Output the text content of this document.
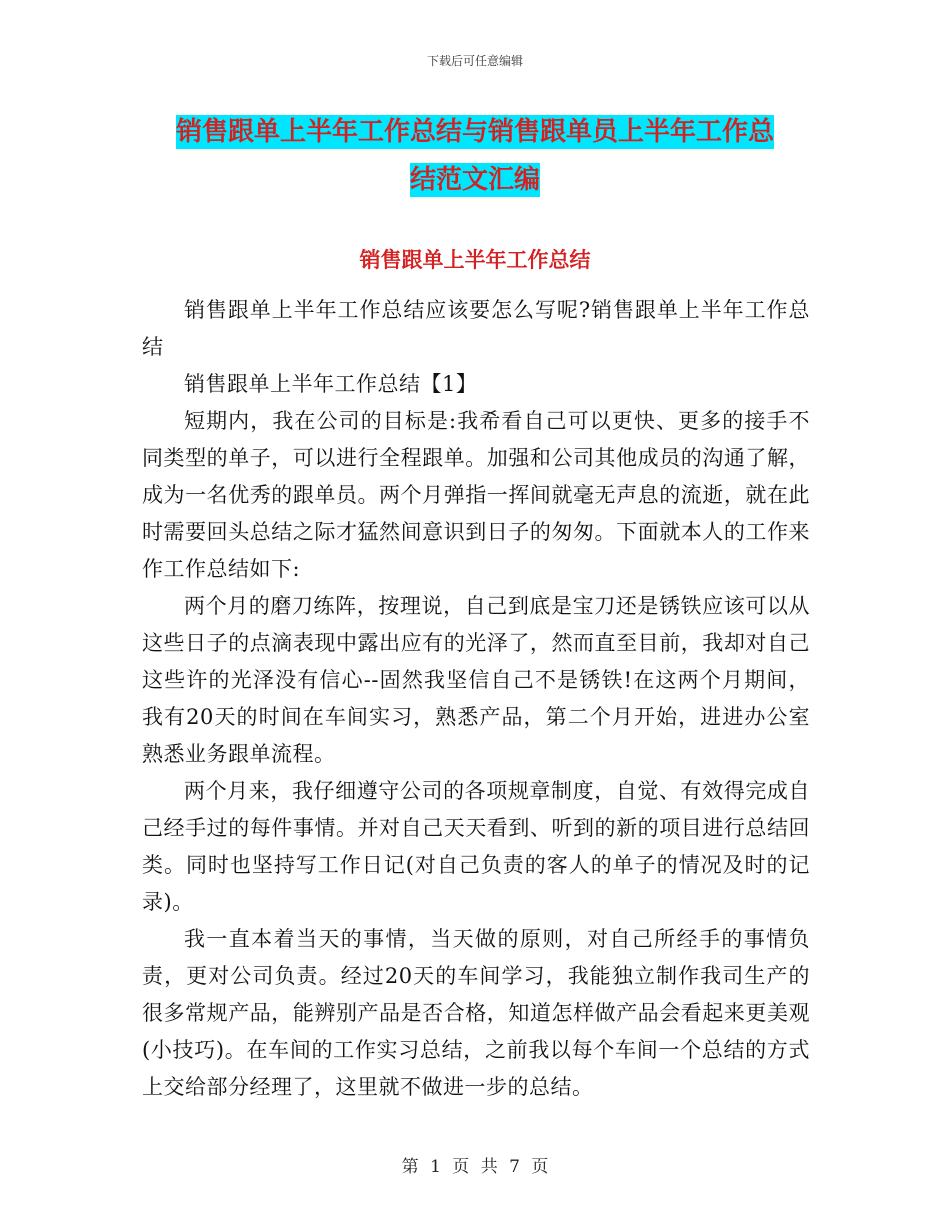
下载后可任意编辑
销售跟单上半年工作总结与销售跟单员上半年工作总
结范文汇编
销售跟单上半年工作总结

销售跟单上半年工作总结应该要怎么写呢?销售跟单上半年工作总结

销售跟单上半年工作总结【1】

短期内，我在公司的目标是:我希看自己可以更快、更多的接手不同类型的单子，可以进行全程跟单。加强和公司其他成员的沟通了解，成为一名优秀的跟单员。两个月弹指一挥间就毫无声息的流逝，就在此时需要回头总结之际才猛然间意识到日子的匆匆。下面就本人的工作来作工作总结如下:

两个月的磨刀练阵，按理说，自己到底是宝刀还是锈铁应该可以从这些日子的点滴表现中露出应有的光泽了，然而直至目前，我却对自己这些许的光泽没有信心--固然我坚信自己不是锈铁!在这两个月期间，我有20天的时间在车间实习，熟悉产品，第二个月开始，进进办公室熟悉业务跟单流程。

两个月来，我仔细遵守公司的各项规章制度，自觉、有效得完成自己经手过的每件事情。并对自己天天看到、听到的新的项目进行总结回类。同时也坚持写工作日记(对自己负责的客人的单子的情况及时的记录)。

我一直本着当天的事情，当天做的原则，对自己所经手的事情负责，更对公司负责。经过20天的车间学习，我能独立制作我司生产的很多常规产品，能辨别产品是否合格，知道怎样做产品会看起来更美观(小技巧)。在车间的工作实习总结，之前我以每个车间一个总结的方式上交给部分经理了，这里就不做进一步的总结。

第 1 页 共 7 页
